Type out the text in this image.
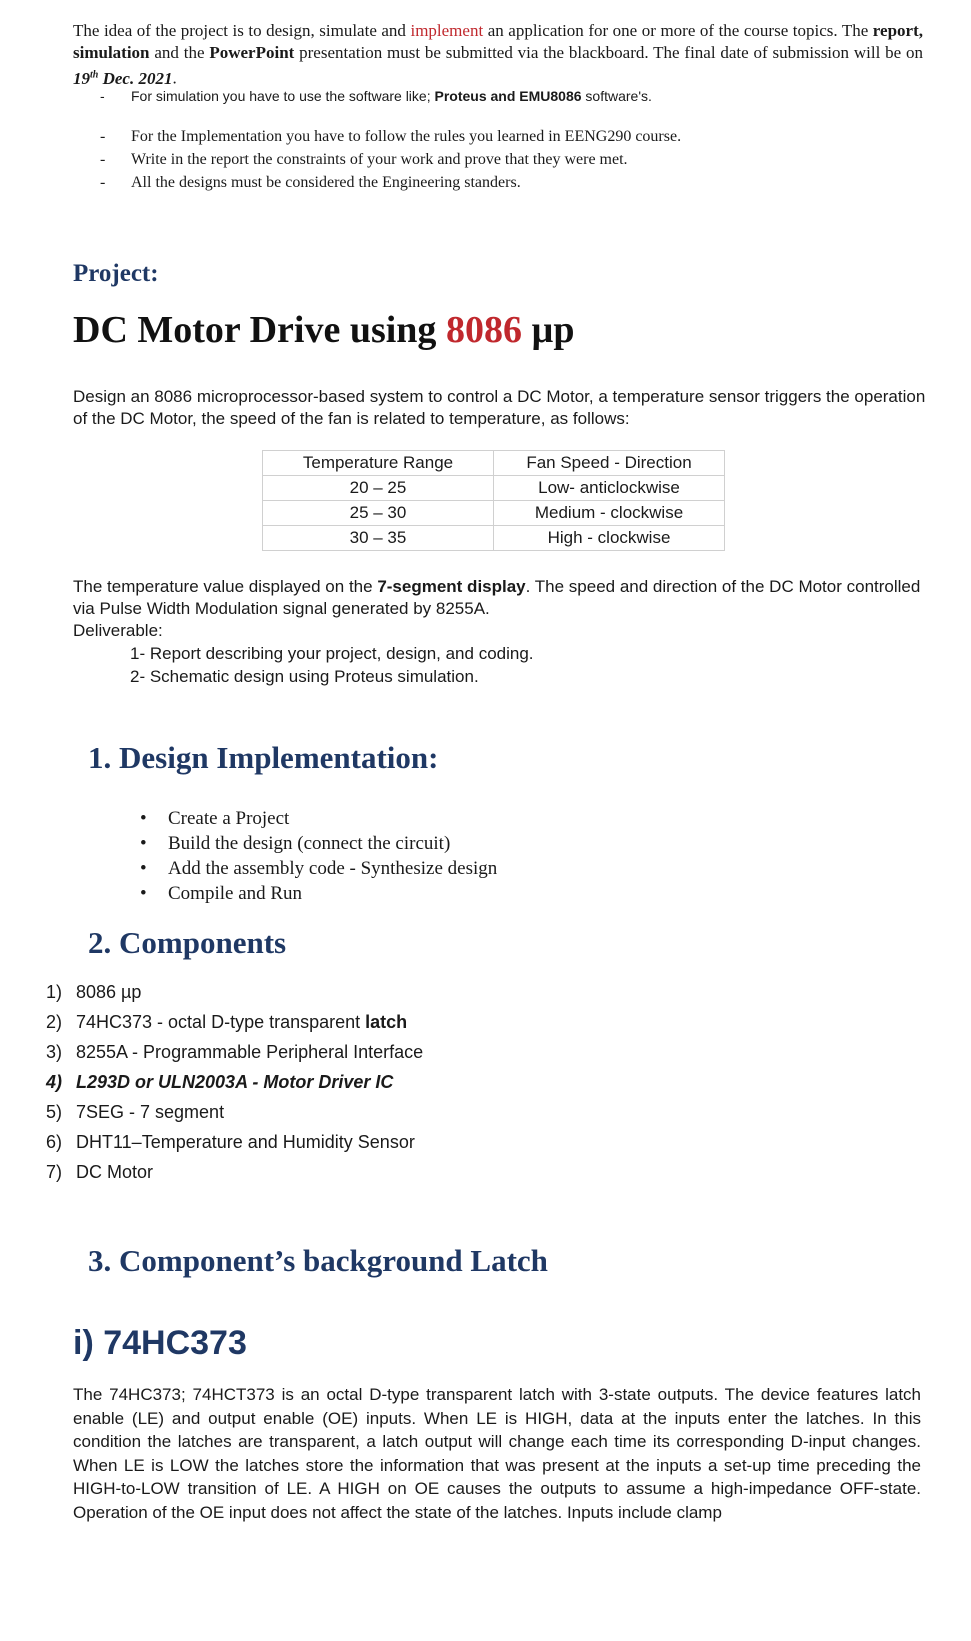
The idea of the project is to design, simulate and implement an application for one or more of the course topics. The report, simulation and the PowerPoint presentation must be submitted via the blackboard. The final date of submission will be on 19th Dec. 2021.
- For simulation you have to use the software like; Proteus and EMU8086 software's.
- For the Implementation you have to follow the rules you learned in EENG290 course.
- Write in the report the constraints of your work and prove that they were met.
- All the designs must be considered the Engineering standers.
Project:
DC Motor Drive using 8086 µp
Design an 8086 microprocessor-based system to control a DC Motor, a temperature sensor triggers the operation of the DC Motor, the speed of the fan is related to temperature, as follows:
Temperature Range	Fan Speed - Direction
20 – 25	Low- anticlockwise
25 – 30	Medium - clockwise
30 – 35	High - clockwise
The temperature value displayed on the 7-segment display. The speed and direction of the DC Motor controlled via Pulse Width Modulation signal generated by 8255A.
Deliverable:
1- Report describing your project, design, and coding.
2- Schematic design using Proteus simulation.
1. Design Implementation:
• Create a Project
• Build the design (connect the circuit)
• Add the assembly code - Synthesize design
• Compile and Run
2. Components
1) 8086 µp
2) 74HC373 - octal D-type transparent latch
3) 8255A - Programmable Peripheral Interface
4) L293D or ULN2003A - Motor Driver IC
5) 7SEG - 7 segment
6) DHT11–Temperature and Humidity Sensor
7) DC Motor
3. Component’s background Latch
i) 74HC373
The 74HC373; 74HCT373 is an octal D-type transparent latch with 3-state outputs. The device features latch enable (LE) and output enable (OE) inputs. When LE is HIGH, data at the inputs enter the latches. In this condition the latches are transparent, a latch output will change each time its corresponding D-input changes. When LE is LOW the latches store the information that was present at the inputs a set-up time preceding the HIGH-to-LOW transition of LE. A HIGH on OE causes the outputs to assume a high-impedance OFF-state. Operation of the OE input does not affect the state of the latches. Inputs include clamp
